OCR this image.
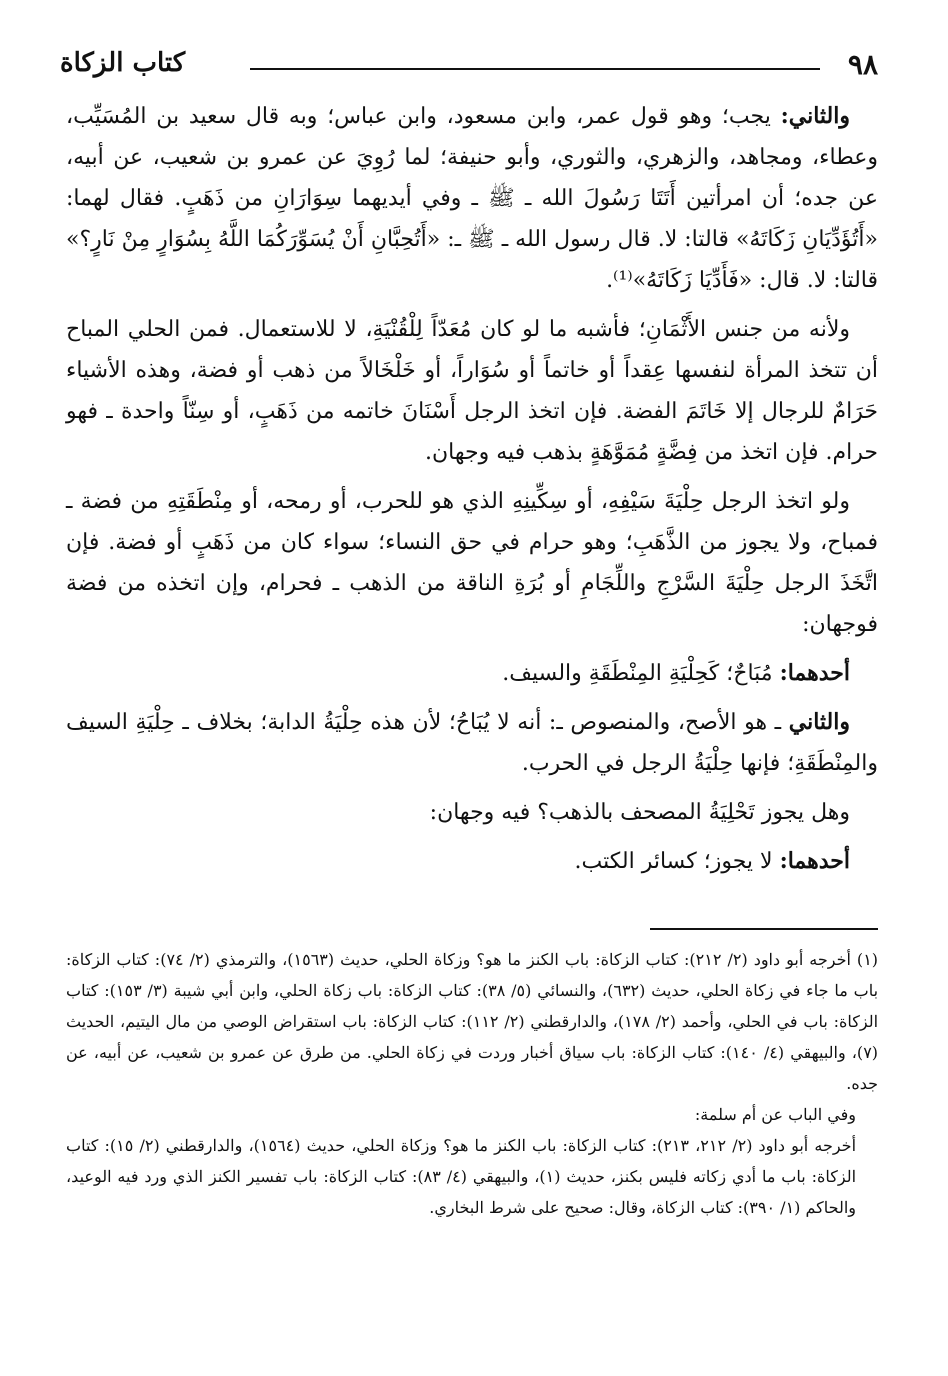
٩٨
كتاب الزكاة

والثاني: يجب؛ وهو قول عمر، وابن مسعود، وابن عباس؛ وبه قال سعيد بن المُسَيِّب، وعطاء، ومجاهد، والزهري، والثوري، وأبو حنيفة؛ لما رُوِيَ عن عمرو بن شعيب، عن أبيه، عن جده؛ أن امرأتين أَتَتَا رَسُولَ الله ـ ﷺ ـ وفي أيديهما سِوَارَانِ من ذَهَبٍ. فقال لهما: «أَتُؤَدِّيَانِ زَكَاتَهُ» قالتا: لا. قال رسول الله ـ ﷺ ـ: «أَتُحِبَّانِ أَنْ يُسَوِّرَكُمَا اللَّهُ بِسُوَارٍ مِنْ نَارٍ؟» قالتا: لا. قال: «فَأَدِّيَا زَكَاتَهُ»⁽¹⁾.

ولأنه من جنس الأَثْمَانِ؛ فأشبه ما لو كان مُعَدّاً لِلْقُنْيَةِ، لا للاستعمال. فمن الحلي المباح أن تتخذ المرأة لنفسها عِقداً أو خاتماً أو سُوَاراً، أو خَلْخَالاً من ذهب أو فضة، وهذه الأشياء حَرَامٌ للرجال إلا خَاتَمَ الفضة. فإن اتخذ الرجل أَسْنَانَ خاتمه من ذَهَبٍ، أو سِنّاً واحدة ـ فهو حرام. فإن اتخذ من فِضَّةٍ مُمَوَّهَةٍ بذهب فيه وجهان.

ولو اتخذ الرجل حِلْيَةَ سَيْفِهِ، أو سِكِّينِهِ الذي هو للحرب، أو رمحه، أو مِنْطَقَتِهِ من فضة ـ فمباح، ولا يجوز من الذَّهَبِ؛ وهو حرام في حق النساء؛ سواء كان من ذَهَبٍ أو فضة. فإن اتَّخَذَ الرجل حِلْيَةَ السَّرْجِ واللِّجَامِ أو بُرَةِ الناقة من الذهب ـ فحرام، وإن اتخذه من فضة فوجهان:

أحدهما: مُبَاحٌ؛ كَحِلْيَةِ المِنْطَقَةِ والسيف.

والثاني ـ هو الأصح، والمنصوص ـ: أنه لا يُبَاحُ؛ لأن هذه حِلْيَةُ الدابة؛ بخلاف ـ حِلْيَةِ السيف والمِنْطَقَةِ؛ فإنها حِلْيَةُ الرجل في الحرب.

وهل يجوز تَحْلِيَةُ المصحف بالذهب؟ فيه وجهان:

أحدهما: لا يجوز؛ كسائر الكتب.

(١) أخرجه أبو داود (٢/ ٢١٢): كتاب الزكاة: باب الكنز ما هو؟ وزكاة الحلي، حديث (١٥٦٣)، والترمذي (٢/ ٧٤): كتاب الزكاة: باب ما جاء في زكاة الحلي، حديث (٦٣٢)، والنسائي (٥/ ٣٨): كتاب الزكاة: باب زكاة الحلي، وابن أبي شيبة (٣/ ١٥٣): كتاب الزكاة: باب في الحلي، وأحمد (٢/ ١٧٨)، والدارقطني (٢/ ١١٢): كتاب الزكاة: باب استقراض الوصي من مال اليتيم، الحديث (٧)، والبيهقي (٤/ ١٤٠): كتاب الزكاة: باب سياق أخبار وردت في زكاة الحلي. من طرق عن عمرو بن شعيب، عن أبيه، عن جده.

وفي الباب عن أم سلمة:

أخرجه أبو داود (٢/ ٢١٢، ٢١٣): كتاب الزكاة: باب الكنز ما هو؟ وزكاة الحلي، حديث (١٥٦٤)، والدارقطني (٢/ ١٥): كتاب الزكاة: باب ما أدي زكاته فليس بكنز، حديث (١)، والبيهقي (٤/ ٨٣): كتاب الزكاة: باب تفسير الكنز الذي ورد فيه الوعيد، والحاكم (١/ ٣٩٠): كتاب الزكاة، وقال: صحيح على شرط البخاري.
